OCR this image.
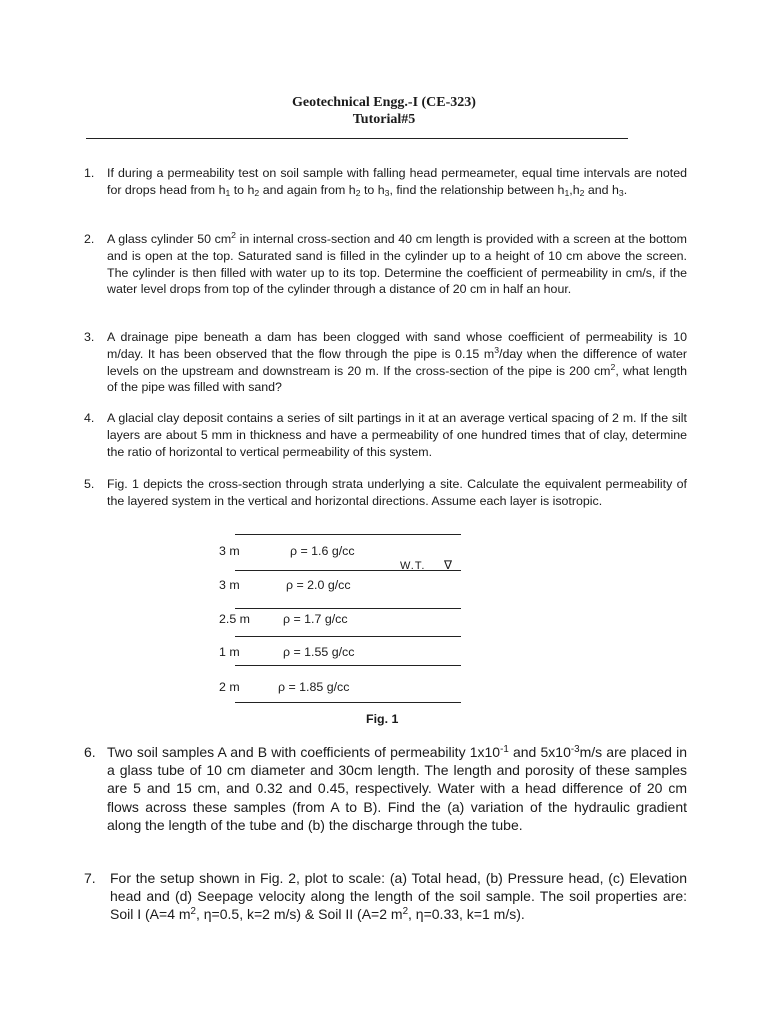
Geotechnical Engg.-I (CE-323)
Tutorial#5
1. If during a permeability test on soil sample with falling head permeameter, equal time intervals are noted for drops head from $h_1$ to $h_2$ and again from $h_2$ to $h_3$, find the relationship between $h_1,h_2$ and $h_3$.
2. A glass cylinder 50 $cm^2$ in internal cross-section and 40 cm length is provided with a screen at the bottom and is open at the top. Saturated sand is filled in the cylinder up to a height of 10 cm above the screen. The cylinder is then filled with water up to its top. Determine the coefficient of permeability in cm/s, if the water level drops from top of the cylinder through a distance of 20 cm in half an hour.
3. A drainage pipe beneath a dam has been clogged with sand whose coefficient of permeability is 10 m/day. It has been observed that the flow through the pipe is 0.15 $m^3$/day when the difference of water levels on the upstream and downstream is 20 m. If the cross-section of the pipe is 200 $cm^2$, what length of the pipe was filled with sand?
4. A glacial clay deposit contains a series of silt partings in it at an average vertical spacing of 2 m. If the silt layers are about 5 mm in thickness and have a permeability of one hundred times that of clay, determine the ratio of horizontal to vertical permeability of this system.
5. Fig. 1 depicts the cross-section through strata underlying a site. Calculate the equivalent permeability of the layered system in the vertical and horizontal directions. Assume each layer is isotropic.
3 m	ρ = 1.6 g/cc
W.T. ∇
3 m	ρ = 2.0 g/cc
2.5 m	ρ = 1.7 g/cc
1 m	ρ = 1.55 g/cc
2 m	ρ = 1.85 g/cc
Fig. 1
6. Two soil samples A and B with coefficients of permeability $1x10^{-1}$ and $5x10^{-3}m/s$ are placed in a glass tube of 10 cm diameter and 30cm length. The length and porosity of these samples are 5 and 15 cm, and 0.32 and 0.45, respectively. Water with a head difference of 20 cm flows across these samples (from A to B). Find the (a) variation of the hydraulic gradient along the length of the tube and (b) the discharge through the tube.
7. For the setup shown in Fig. 2, plot to scale: (a) Total head, (b) Pressure head, (c) Elevation head and (d) Seepage velocity along the length of the soil sample. The soil properties are: Soil I (A=4 $m^2$, η=0.5, k=2 m/s) & Soil II (A=2 $m^2$, η=0.33, k=1 m/s).
